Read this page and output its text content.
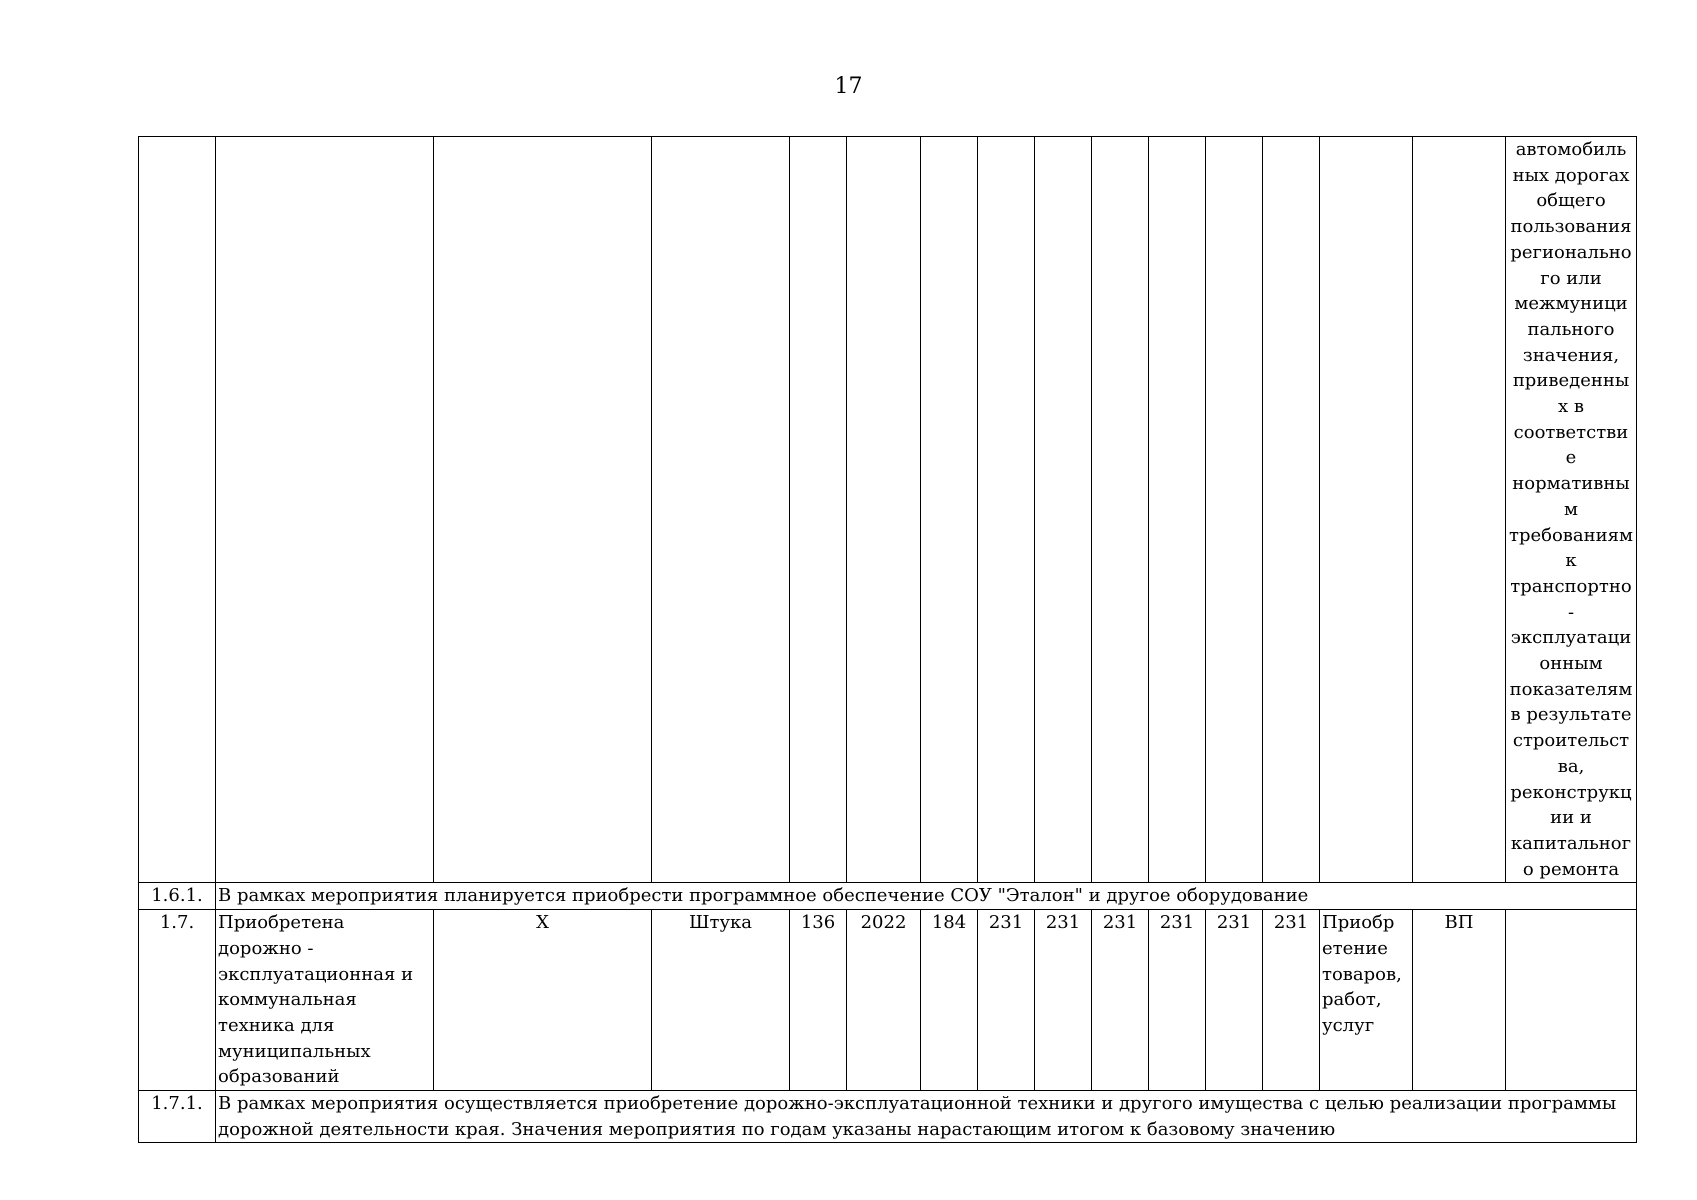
17
															автомобиль ных дорогах общего пользования регионально го или межмуници пального значения, приведенны х в соответстви е нормативны м требованиям к транспортно - эксплуатаци онным показателям в результате строительст ва, реконструкц ии и капитальног о ремонта
1.6.1.	В рамках мероприятия планируется приобрести программное обеспечение СОУ "Эталон" и другое оборудование														
1.7.	Приобретена дорожно - эксплуатационная и коммунальная техника для муниципальных образований	Х	Штука	136	2022	184	231	231	231	231	231	231	Приобр етение товаров, работ, услуг	ВП	
1.7.1.	В рамках мероприятия осуществляется приобретение дорожно-эксплуатационной техники и другого имущества с целью реализации программы дорожной деятельности края. Значения мероприятия по годам указаны нарастающим итогом к базовому значению														
